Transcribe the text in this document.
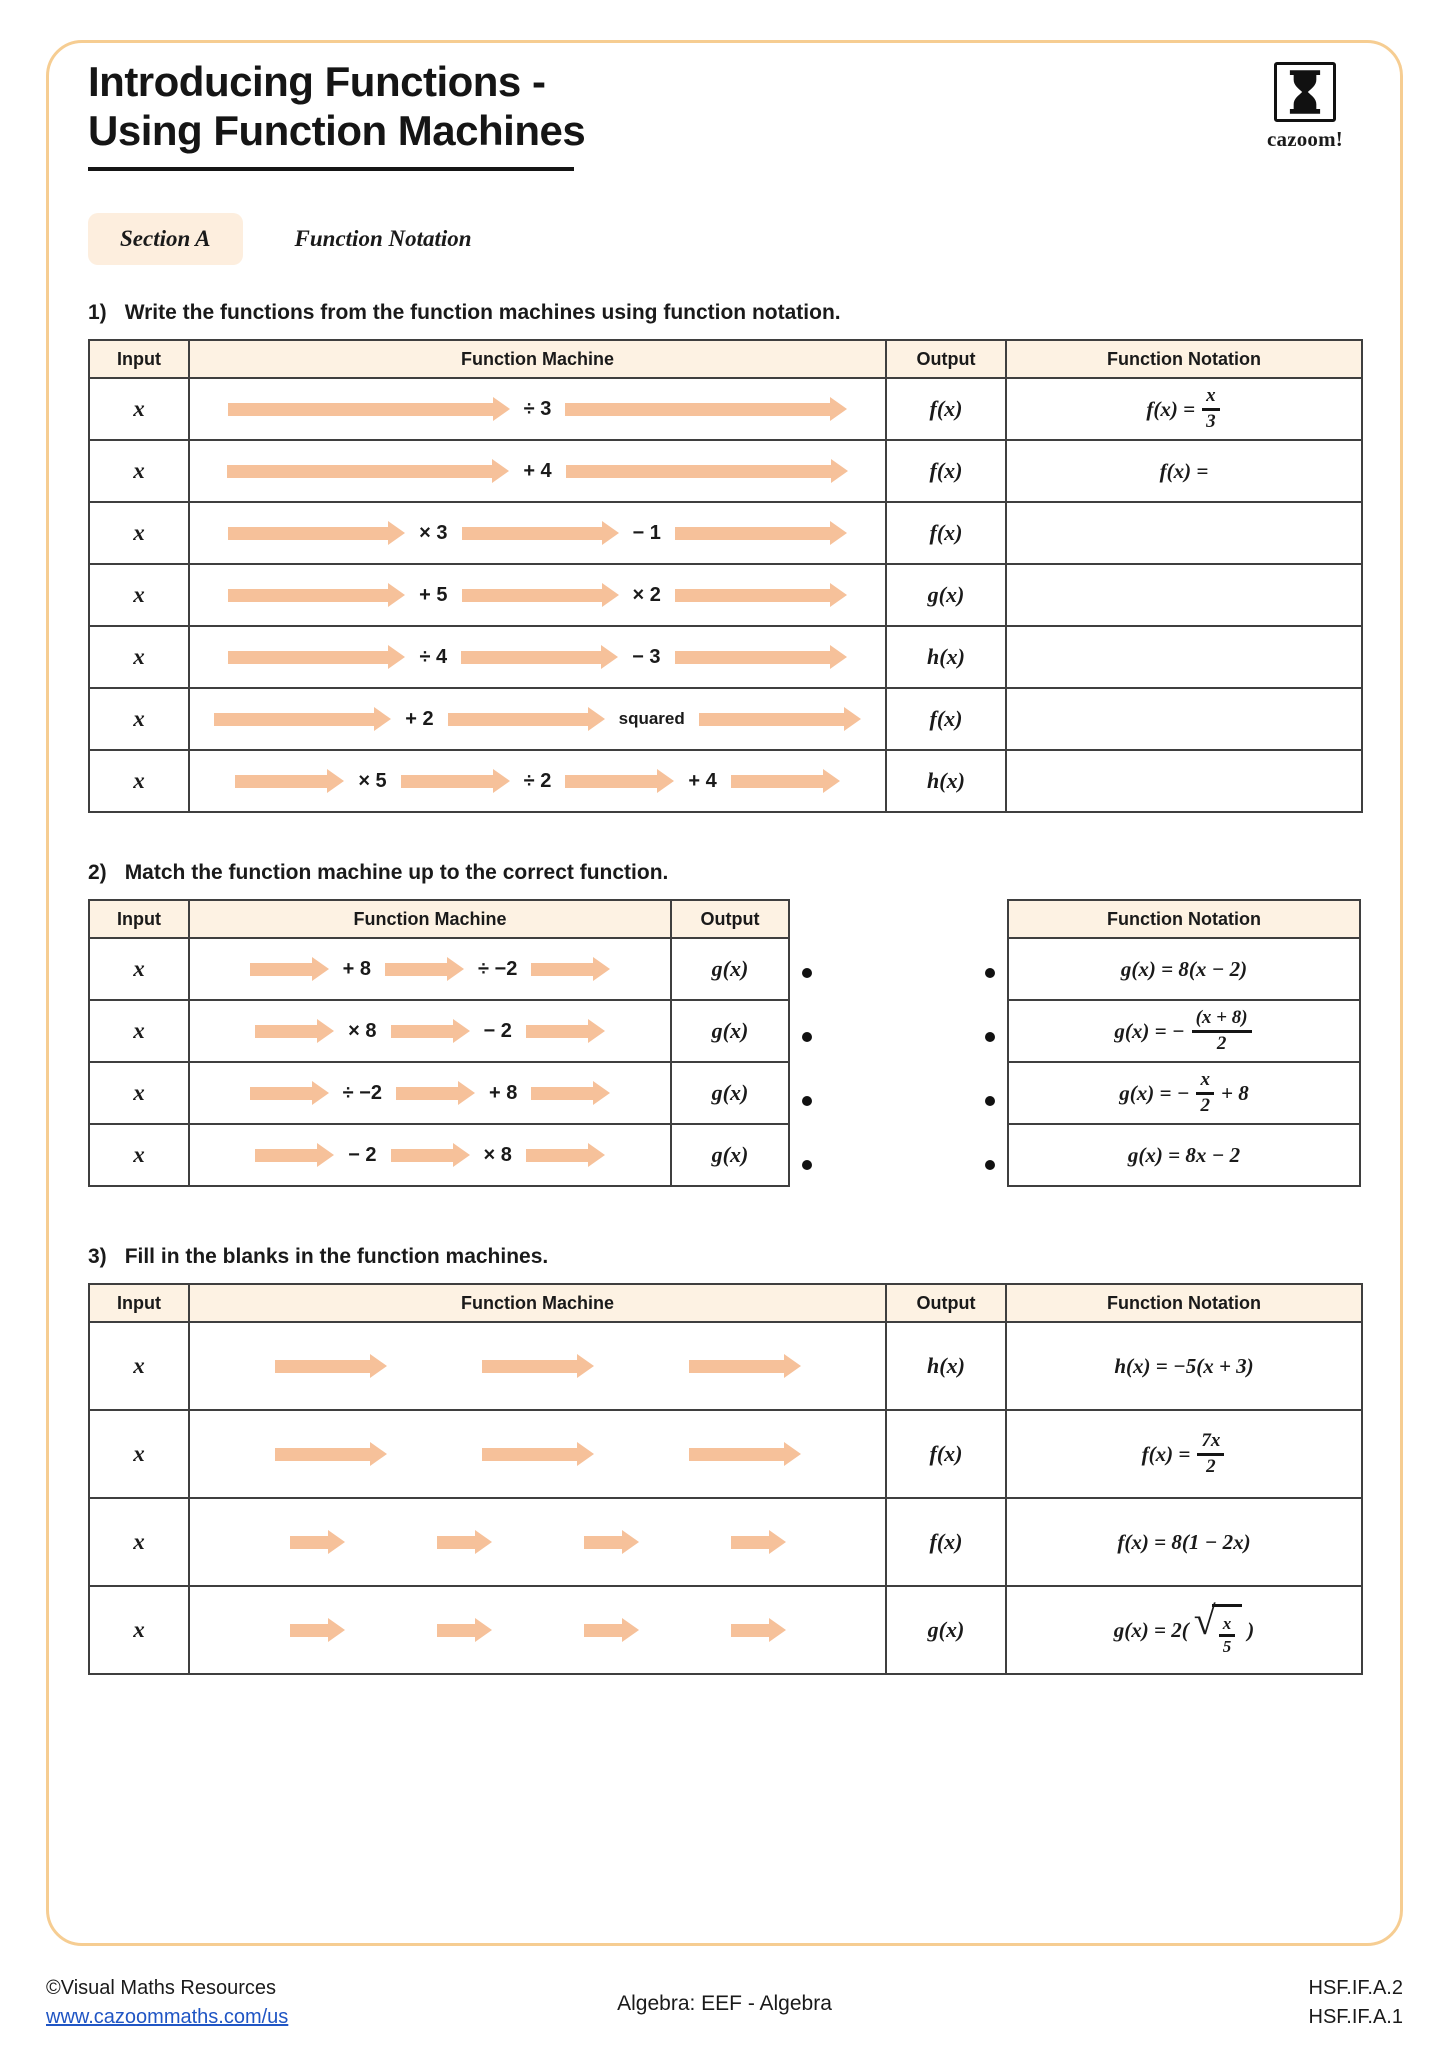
Introducing Functions -
Using Function Machines	cazoom!
Section A	Function Notation
1) Write the functions from the function machines using function notation.
Input	Function Machine	Output	Function Notation
x	÷ 3	f(x)	$f(x) = \frac{x}{3}$

x	+ 4	f(x)	f(x) =

x	× 3 − 1	f(x)	
x	+ 5 × 2	g(x)	
x	÷ 4 − 3	h(x)	
x	+ 2 squared	f(x)	
x	× 5 ÷ 2 + 4	h(x)	
2) Match the function machine up to the correct function.
Input	Function Machine	Output
x	+ 8 ÷ −2	g(x)
x	× 8 − 2	g(x)
x	÷ −2 + 8	g(x)
x	− 2 × 8	g(x)
Function Notation

g(x) = 8(x − 2)

g(x) = − $\frac{(x + 8)}{2}$

g(x) = − $\frac{x}{2} + 8$

g(x) = 8x − 2
3) Fill in the blanks in the function machines.
Input	Function Machine	Output	Function Notation
x		h(x)	h(x) = −5(x + 3)

x		f(x)	$f(x) = \frac{7x}{2}$

x		f(x)	f(x) = 8(1 − 2x)

x		g(x)	g(x) = 2( √ $\frac{x}{5}$ )
©Visual Maths Resources
www.cazoommaths.com/us
Algebra: EEF - Algebra
HSF.IF.A.2
HSF.IF.A.1
